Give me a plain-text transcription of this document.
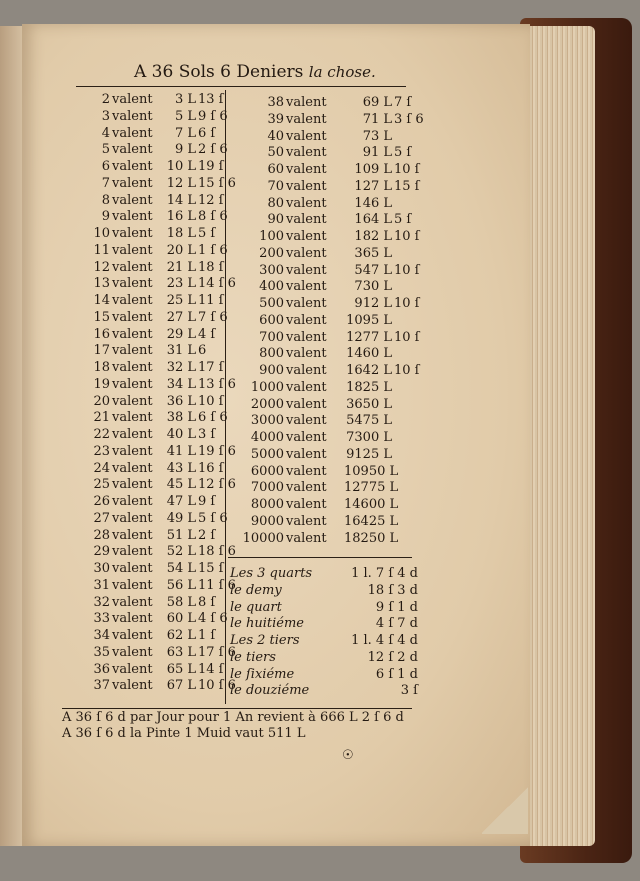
A 36 Sols 6 Deniers la chose.
2 valent	3 L 13 ſ
3 valent	5 L 9 ſ 6
4 valent	7 L 6 ſ
5 valent	9 L 2 ſ 6
6 valent	10 L 19 ſ
7 valent	12 L 15 ſ 6
8 valent	14 L 12 ſ
9 valent	16 L 8 ſ 6
10 valent	18 L 5 ſ
11 valent	20 L 1 ſ 6
12 valent	21 L 18 ſ
13 valent	23 L 14 ſ 6
14 valent	25 L 11 ſ
15 valent	27 L 7 ſ 6
16 valent	29 L 4 ſ
17 valent	31 L 6
18 valent	32 L 17 ſ
19 valent	34 L 13 ſ 6
20 valent	36 L 10 ſ
21 valent	38 L 6 ſ 6
22 valent	40 L 3 ſ
23 valent	41 L 19 ſ 6
24 valent	43 L 16 ſ
25 valent	45 L 12 ſ 6
26 valent	47 L 9 ſ
27 valent	49 L 5 ſ 6
28 valent	51 L 2 ſ
29 valent	52 L 18 ſ 6
30 valent	54 L 15 ſ
31 valent	56 L 11 ſ 6
32 valent	58 L 8 ſ
33 valent	60 L 4 ſ 6
34 valent	62 L 1 ſ
35 valent	63 L 17 ſ 6
36 valent	65 L 14 ſ
37 valent	67 L 10 ſ 6
38 valent	69 L 7 ſ
39 valent	71 L 3 ſ 6
40 valent	73 L
50 valent	91 L 5 ſ
60 valent	109 L 10 ſ
70 valent	127 L 15 ſ
80 valent	146 L
90 valent	164 L 5 ſ
100 valent	182 L 10 ſ
200 valent	365 L
300 valent	547 L 10 ſ
400 valent	730 L
500 valent	912 L 10 ſ
600 valent 1095 L
700 valent 1277 L 10 ſ
800 valent 1460 L
900 valent 1642 L 10 ſ
1000 valent 1825 L
2000 valent 3650 L
3000 valent 5475 L
4000 valent 7300 L
5000 valent 9125 L
6000 valent 10950 L
7000 valent 12775 L
8000 valent 14600 L
9000 valent 16425 L
10000 valent 18250 L
Les 3 quarts	1 l. 7 ſ 4 d
le demy	18 ſ 3 d
le quart	9 ſ 1 d
le huitiéme	4 ſ 7 d
Les 2 tiers	1 l. 4 ſ 4 d
le tiers	12 ſ 2 d
le ſixiéme	6 ſ 1 d
le douziéme	3 ſ
A 36 ſ 6 d par Jour pour 1 An revient à 666 L 2 ſ 6 d
A 36 ſ 6 d la Pinte 1 Muid vaut 511 L
☉
